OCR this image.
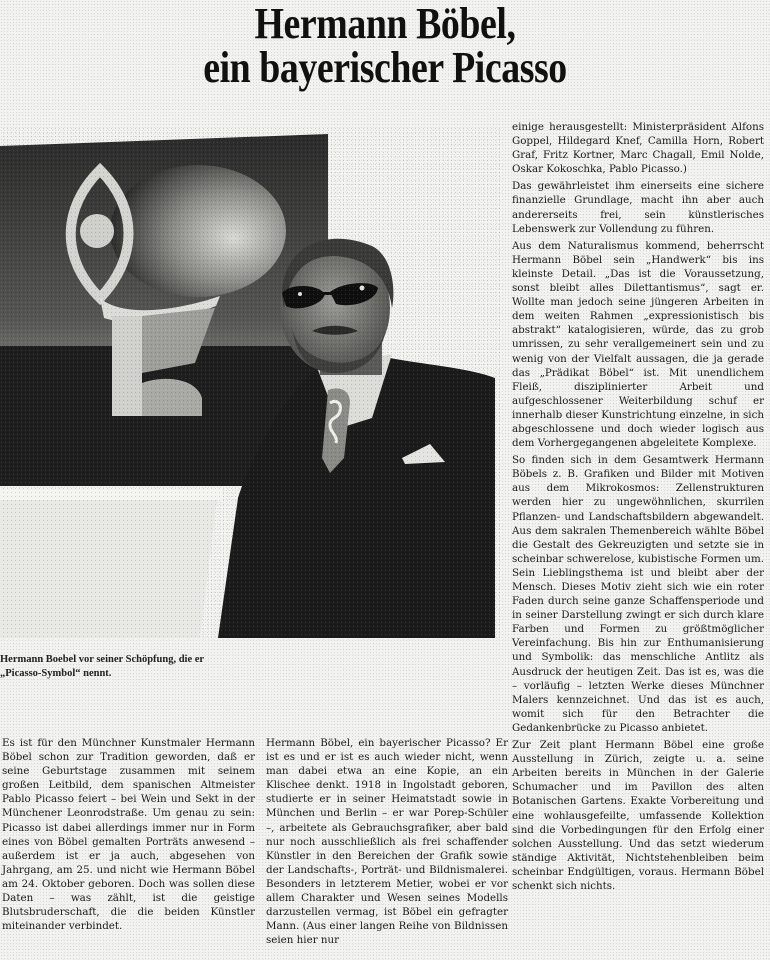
Hermann Böbel,
ein bayerischer Picasso
Hermann Boebel vor seiner Schöpfung, die er
„Picasso-Symbol“ nennt.

Es ist für den Münchner Kunstmaler Hermann Böbel schon zur Tradition geworden, daß er seine Geburtstage zusammen mit seinem großen Leitbild, dem spanischen Altmeister Pablo Picasso feiert – bei Wein und Sekt in der Münchener Leonrodstraße. Um genau zu sein: Picasso ist dabei allerdings immer nur in Form eines von Böbel gemalten Porträts anwesend – außerdem ist er ja auch, abgesehen von Jahrgang, am 25. und nicht wie Hermann Böbel am 24. Oktober geboren. Doch was sollen diese Daten – was zählt, ist die geistige Blutsbruderschaft, die die beiden Künstler miteinander verbindet.

Hermann Böbel, ein bayerischer Picasso? Er ist es und er ist es auch wieder nicht, wenn man dabei etwa an eine Kopie, an ein Klischee denkt. 1918 in Ingolstadt geboren, studierte er in seiner Heimatstadt sowie in München und Berlin – er war Porep-Schüler –, arbeitete als Gebrauchsgrafiker, aber bald nur noch ausschließlich als frei schaffender Künstler in den Bereichen der Grafik sowie der Landschafts-, Porträt- und Bildnismalerei. Besonders in letzterem Metier, wobei er vor allem Charakter und Wesen seines Modells darzustellen vermag, ist Böbel ein gefragter Mann. (Aus einer langen Reihe von Bildnissen seien hier nur

einige herausgestellt: Ministerpräsident Alfons Goppel, Hildegard Knef, Camilla Horn, Robert Graf, Fritz Kortner, Marc Chagall, Emil Nolde, Oskar Kokoschka, Pablo Picasso.)

Das gewährleistet ihm einerseits eine sichere finanzielle Grundlage, macht ihn aber auch andererseits frei, sein künstlerisches Lebenswerk zur Vollendung zu führen.

Aus dem Naturalismus kommend, beherrscht Hermann Böbel sein „Handwerk“ bis ins kleinste Detail. „Das ist die Voraussetzung, sonst bleibt alles Dilettantismus“, sagt er. Wollte man jedoch seine jüngeren Arbeiten in dem weiten Rahmen „expressionistisch bis abstrakt“ katalogisieren, würde, das zu grob umrissen, zu sehr verallgemeinert sein und zu wenig von der Vielfalt aussagen, die ja gerade das „Prädikat Böbel“ ist. Mit unendlichem Fleiß, disziplinierter Arbeit und aufgeschlossener Weiterbildung schuf er innerhalb dieser Kunstrichtung einzelne, in sich abgeschlossene und doch wieder logisch aus dem Vorhergegangenen abgeleitete Komplexe.

So finden sich in dem Gesamtwerk Hermann Böbels z. B. Grafiken und Bilder mit Motiven aus dem Mikrokosmos: Zellenstrukturen werden hier zu ungewöhnlichen, skurrilen Pflanzen- und Landschaftsbildern abgewandelt. Aus dem sakralen Themenbereich wählte Böbel die Gestalt des Gekreuzigten und setzte sie in scheinbar schwerelose, kubistische Formen um. Sein Lieblingsthema ist und bleibt aber der Mensch. Dieses Motiv zieht sich wie ein roter Faden durch seine ganze Schaffensperiode und in seiner Darstellung zwingt er sich durch klare Farben und Formen zu größtmöglicher Vereinfachung. Bis hin zur Enthumanisierung und Symbolik: das menschliche Antlitz als Ausdruck der heutigen Zeit. Das ist es, was die – vorläufig – letzten Werke dieses Münchner Malers kennzeichnet. Und das ist es auch, womit sich für den Betrachter die Gedankenbrücke zu Picasso anbietet.

Zur Zeit plant Hermann Böbel eine große Ausstellung in Zürich, zeigte u. a. seine Arbeiten bereits in München in der Galerie Schumacher und im Pavillon des alten Botanischen Gartens. Exakte Vorbereitung und eine wohlausgefeilte, umfassende Kollektion sind die Vorbedingungen für den Erfolg einer solchen Ausstellung. Und das setzt wiederum ständige Aktivität, Nichtstehenbleiben beim scheinbar Endgültigen, voraus. Hermann Böbel schenkt sich nichts.
